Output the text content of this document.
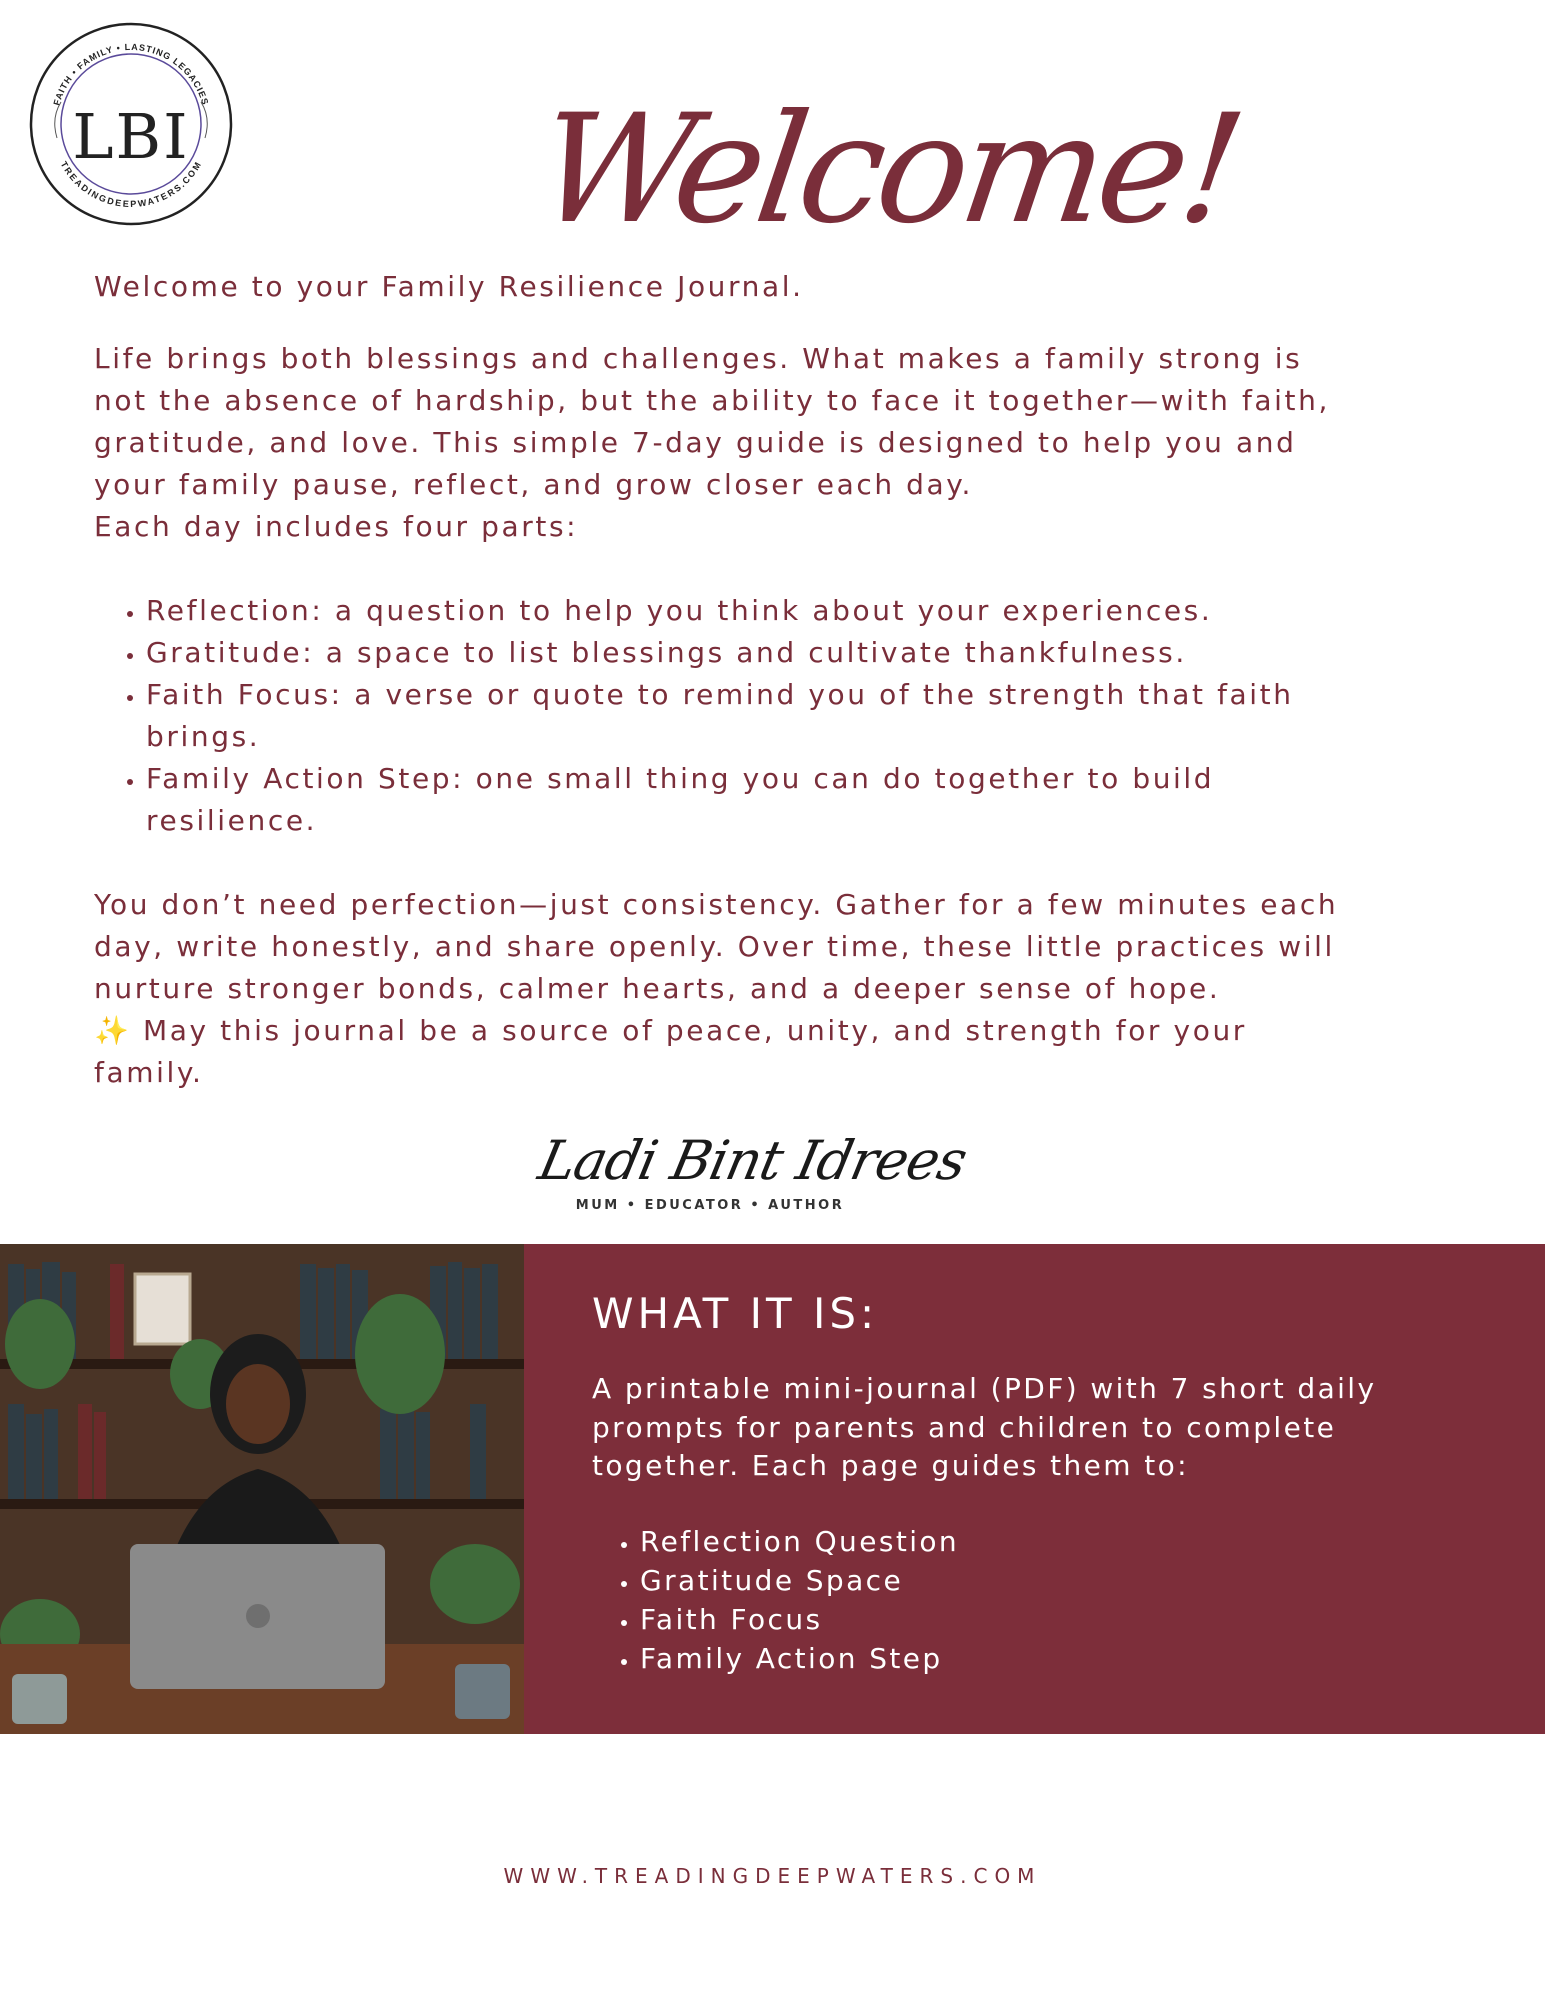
FAITH • FAMILY • LASTING LEGACIES
TREADINGDEEPWATERS.COM
LBI Welcome!

Welcome to your Family Resilience Journal.

Life brings both blessings and challenges. What makes a family strong is not the absence of hardship, but the ability to face it together—with faith, gratitude, and love. This simple 7-day guide is designed to help you and your family pause, reflect, and grow closer each day.

Each day includes four parts:

• Reflection: a question to help you think about your experiences.
• Gratitude: a space to list blessings and cultivate thankfulness.
• Faith Focus: a verse or quote to remind you of the strength that faith brings.
• Family Action Step: one small thing you can do together to build resilience.

You don’t need perfection—just consistency. Gather for a few minutes each day, write honestly, and share openly. Over time, these little practices will nurture stronger bonds, calmer hearts, and a deeper sense of hope.

✨ May this journal be a source of peace, unity, and strength for your family.

Ladi Bint Idrees
MUM • EDUCATOR • AUTHOR
WHAT IT IS:
A printable mini-journal (PDF) with 7 short daily prompts for parents and children to complete together. Each page guides them to:
• Reflection Question
• Gratitude Space
• Faith Focus
• Family Action Step
WWW.TREADINGDEEPWATERS.COM
